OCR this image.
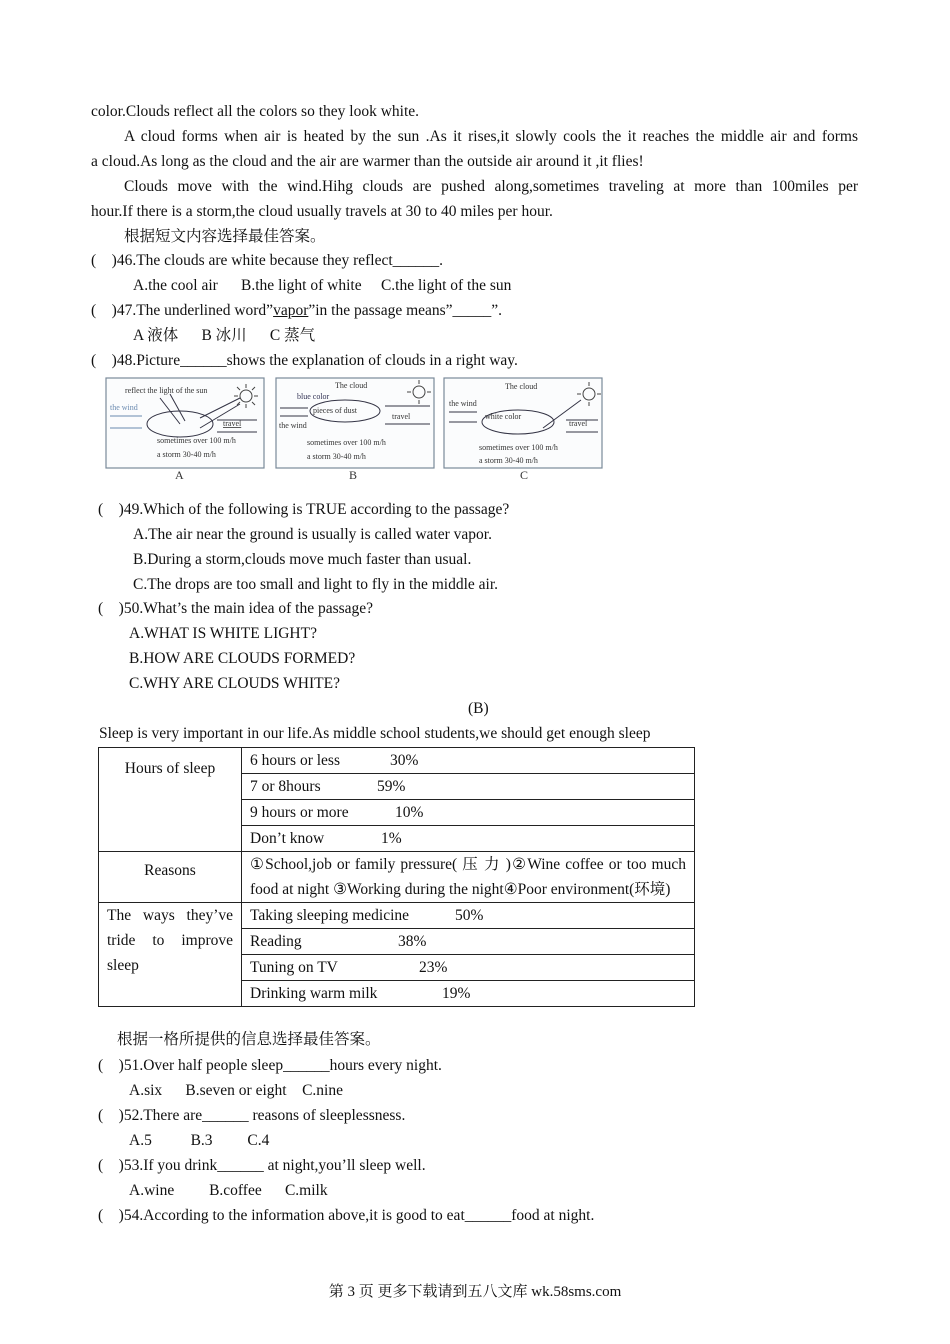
color.Clouds reflect all the colors so they look white.
A cloud forms when air is heated by the sun .As it rises,it slowly cools the it reaches the middle air and forms
a cloud.As long as the cloud and the air are warmer than the outside air around it ,it flies!
Clouds move with the wind.Hihg clouds are pushed along,sometimes traveling at more than 100miles per
hour.If there is a storm,the cloud usually travels at 30 to 40 miles per hour.
根据短文内容选择最佳答案。
(    )46.The clouds are white because they reflect______.
A.the cool air      B.the light of white     C.the light of the sun
(    )47.The underlined word”vapor”in the passage means”_____”.
A 液体      B 冰川      C 蒸气
(    )48.Picture______shows the explanation of clouds in a right way.
reflect the light of the sun
the wind
travel
sometimes over 100 m/h
a storm 30-40 m/h
A
The cloud
blue color
pieces of dust
travel
the wind
sometimes over 100 m/h
a storm 30-40 m/h
B
The cloud
the wind
white color
travel
sometimes over 100 m/h
a storm 30-40 m/h
C
(    )49.Which of the following is TRUE according to the passage?
A.The air near the ground is usually is called water vapor.
B.During a storm,clouds move much faster than usual.
C.The drops are too small and light to fly in the middle air.
(    )50.What’s the main idea of the passage?
A.WHAT IS WHITE LIGHT?
B.HOW ARE CLOUDS FORMED?
C.WHY ARE CLOUDS WHITE?
(B)
Sleep is very important in our life.As middle school students,we should get enough sleep
Hours of sleep	6 hours or less 30%
	7 or 8hours 59%
	9 hours or more 10%
	Don’t know 1%
Reasons	①School,job or family pressure( 压 力 )②Wine coffee or too much food at night ③Working during the night④Poor environment(环境)
The ways they’ve tride to improve sleep	Taking sleeping medicine 50%
	Reading 38%
	Tuning on TV 23%
	Drinking warm milk 19%
根据一格所提供的信息选择最佳答案。
(    )51.Over half people sleep______hours every night.
A.six      B.seven or eight    C.nine
(    )52.There are______ reasons of sleeplessness.
A.5          B.3         C.4
(    )53.If you drink______ at night,you’ll sleep well.
A.wine         B.coffee      C.milk
(    )54.According to the information above,it is good to eat______food at night.
第 3 页 更多下载请到五八文库 wk.58sms.com
